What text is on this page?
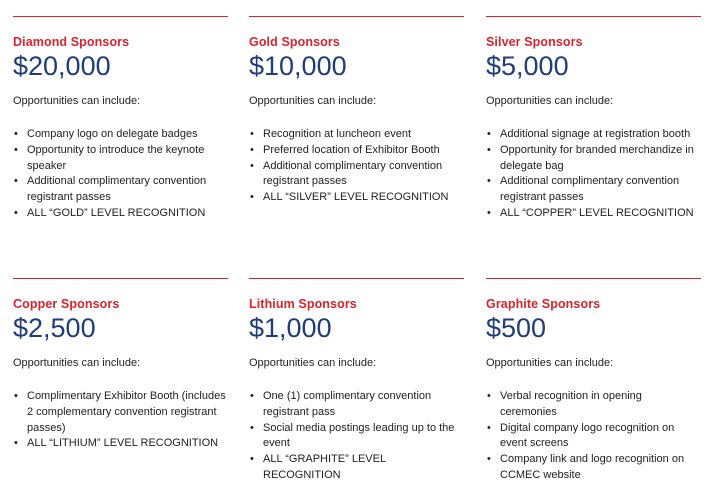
Diamond Sponsors
$20,000
Opportunities can include:
• Company logo on delegate badges
• Opportunity to introduce the keynote speaker
• Additional complimentary convention registrant passes
• ALL “GOLD” LEVEL RECOGNITION
Gold Sponsors
$10,000
Opportunities can include:
• Recognition at luncheon event
• Preferred location of Exhibitor Booth
• Additional complimentary convention registrant passes
• ALL “SILVER” LEVEL RECOGNITION
Silver Sponsors
$5,000
Opportunities can include:
• Additional signage at registration booth
• Opportunity for branded merchandize in delegate bag
• Additional complimentary convention registrant passes
• ALL “COPPER” LEVEL RECOGNITION
Copper Sponsors
$2,500
Opportunities can include:
• Complimentary Exhibitor Booth (includes 2 complementary convention registrant passes)
• ALL “LITHIUM” LEVEL RECOGNITION
Lithium Sponsors
$1,000
Opportunities can include:
• One (1) complimentary convention registrant pass
• Social media postings leading up to the event
• ALL “GRAPHITE” LEVEL RECOGNITION
Graphite Sponsors
$500
Opportunities can include:
• Verbal recognition in opening ceremonies
• Digital company logo recognition on event screens
• Company link and logo recognition on CCMEC website
